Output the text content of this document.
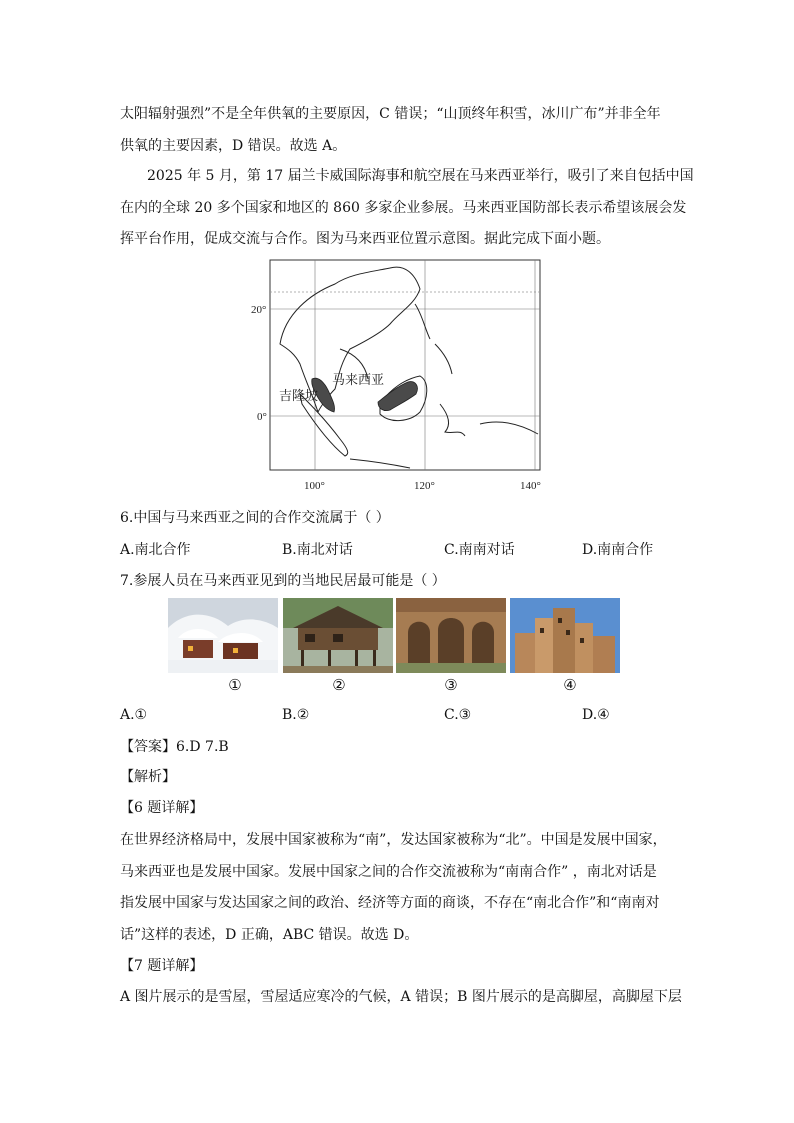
太阳辐射强烈”不是全年供氧的主要原因，C 错误；“山顶终年积雪，冰川广布”并非全年
供氧的主要因素，D 错误。故选 A。
2025 年 5 月，第 17 届兰卡威国际海事和航空展在马来西亚举行，吸引了来自包括中国
在内的全球 20 多个国家和地区的 860 多家企业参展。马来西亚国防部长表示希望该展会发
挥平台作用，促成交流与合作。图为马来西亚位置示意图。据此完成下面小题。
马来西亚
吉隆坡
20°
0°
100°	120°	140°
6.中国与马来西亚之间的合作交流属于（ ）
A.南北合作	B.南北对话	C.南南对话	D.南南合作
7.参展人员在马来西亚见到的当地民居最可能是（ ）
①	②	③	④
A.①	B.②	C.③	D.④
【答案】6.D 7.B
【解析】
【6 题详解】
在世界经济格局中，发展中国家被称为“南”，发达国家被称为“北”。中国是发展中国家，
马来西亚也是发展中国家。发展中国家之间的合作交流被称为“南南合作” ，南北对话是
指发展中国家与发达国家之间的政治、经济等方面的商谈，不存在“南北合作”和“南南对
话”这样的表述，D 正确，ABC 错误。故选 D。
【7 题详解】
A 图片展示的是雪屋，雪屋适应寒冷的气候，A 错误；B 图片展示的是高脚屋，高脚屋下层
